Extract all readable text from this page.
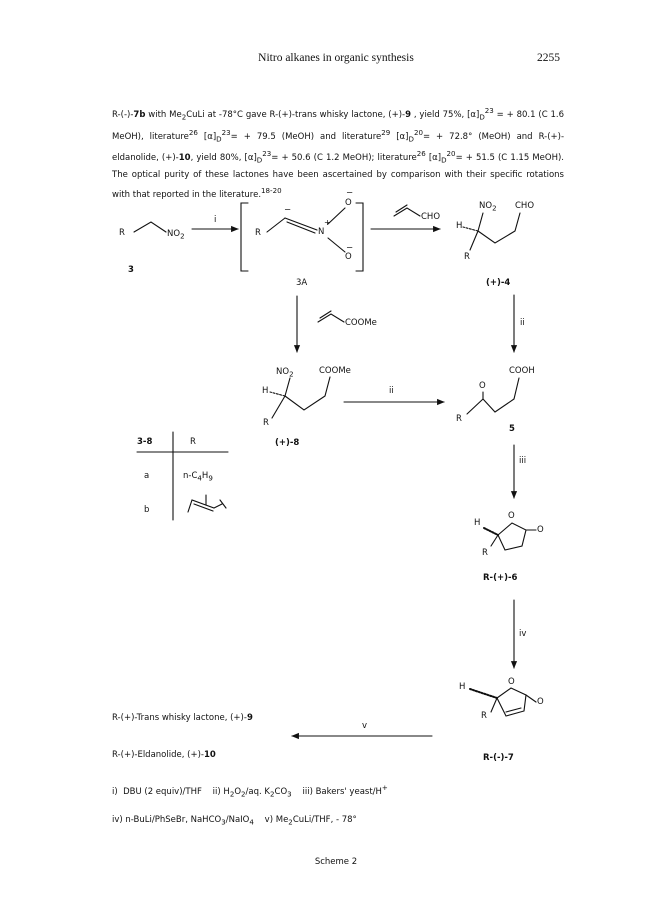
Nitro alkanes in organic synthesis	2255
R-(-)-7b with $Me_2CuLi$ at -78°C gave R-(+)-trans whisky lactone, (+)-9 , yield 75%, $[\alpha]_D^{23}$ = + 80.1 (C 1.6 MeOH), literature$^{26}$ $[\alpha]_D^{23}= + 79.5$ (MeOH) and literature$^{29}$ $[\alpha]_D^{20}= + 72.8^\circ$ (MeOH) and R-(+)-eldanolide, (+)-10, yield 80%, $[\alpha]_D^{23}= + 50.6$ (C 1.2 MeOH); literature$^{26}$ $[\alpha]_D^{20}= + 51.5$ (C 1.15 MeOH). The optical purity of these lactones have been ascertained by comparison with their specific rotations with that reported in the literature.$^{18-20}$
R	$NO_2$
3
i
R
−
N
+
O
−
O
−
3A
CHO
$NO_2$ CHO
H
R
(+)-4
COOMe	ii
$NO_2$	COOMe
H
R
(+)-8
ii	O
COOH
R
5
3-8	R
a	$n-C_4H_9$
b
iii
H
O
O
R
R-(+)-6
iv
H	O
O
R
R-(-)-7
v
R-(+)-Trans whisky lactone, (+)-9
R-(+)-Eldanolide, (+)-10
i)  DBU (2 equiv)/THF    ii) $H_2O_2/aq$. $K_2CO_3$    iii) Bakers' yeast/H+
iv) n-BuLi/PhSeBr, NaHCO$_3$/NaIO$_4$    v) $Me_2CuLi$/THF, - 78°
Scheme 2
